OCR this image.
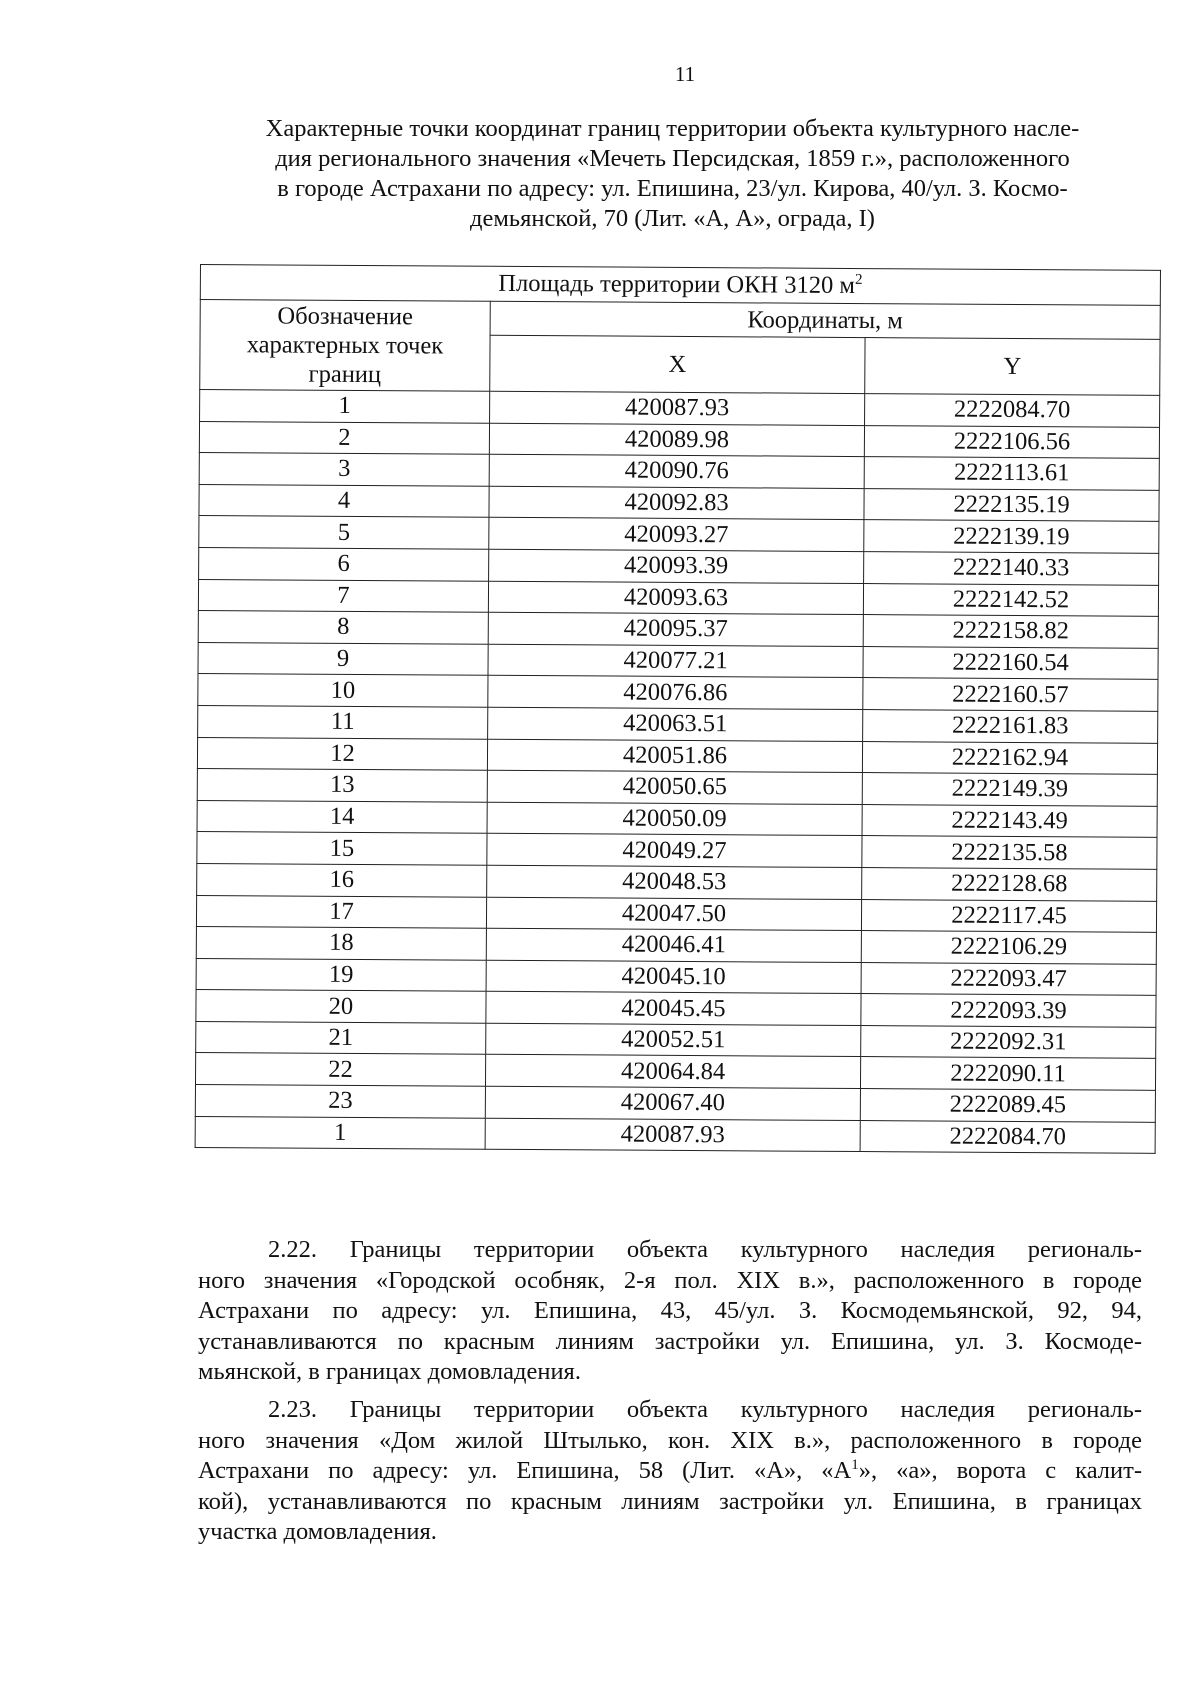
11
Характерные точки координат границ территории объекта культурного насле-
дия регионального значения «Мечеть Персидская, 1859 г.», расположенного
в городе Астрахани по адресу: ул. Епишина, 23/ул. Кирова, 40/ул. З. Космо-
демьянской, 70 (Лит. «А, А», ограда, I)
Площадь территории ОКН 3120 $м^2$

Обозначение
характерных точек
границ	Координаты, м	
	X	Y
1	420087.93	2222084.70
2	420089.98	2222106.56
3	420090.76	2222113.61
4	420092.83	2222135.19
5	420093.27	2222139.19
6	420093.39	2222140.33
7	420093.63	2222142.52
8	420095.37	2222158.82
9	420077.21	2222160.54
10	420076.86	2222160.57
11	420063.51	2222161.83
12	420051.86	2222162.94
13	420050.65	2222149.39
14	420050.09	2222143.49
15	420049.27	2222135.58
16	420048.53	2222128.68
17	420047.50	2222117.45
18	420046.41	2222106.29
19	420045.10	2222093.47
20	420045.45	2222093.39
21	420052.51	2222092.31
22	420064.84	2222090.11
23	420067.40	2222089.45
1	420087.93	2222084.70
2.22. Границы территории объекта культурного наследия региональ-
ного значения «Городской особняк, 2-я пол. XIX в.», расположенного в городе
Астрахани по адресу: ул. Епишина, 43, 45/ул. З. Космодемьянской, 92, 94,
устанавливаются по красным линиям застройки ул. Епишина, ул. З. Космоде-
мьянской, в границах домовладения.
2.23. Границы территории объекта культурного наследия региональ-
ного значения «Дом жилой Штылько, кон. XIX в.», расположенного в городе
Астрахани по адресу: ул. Епишина, 58 (Лит. «А», «$А^1$», «а», ворота с калит-
кой), устанавливаются по красным линиям застройки ул. Епишина, в границах
участка домовладения.
